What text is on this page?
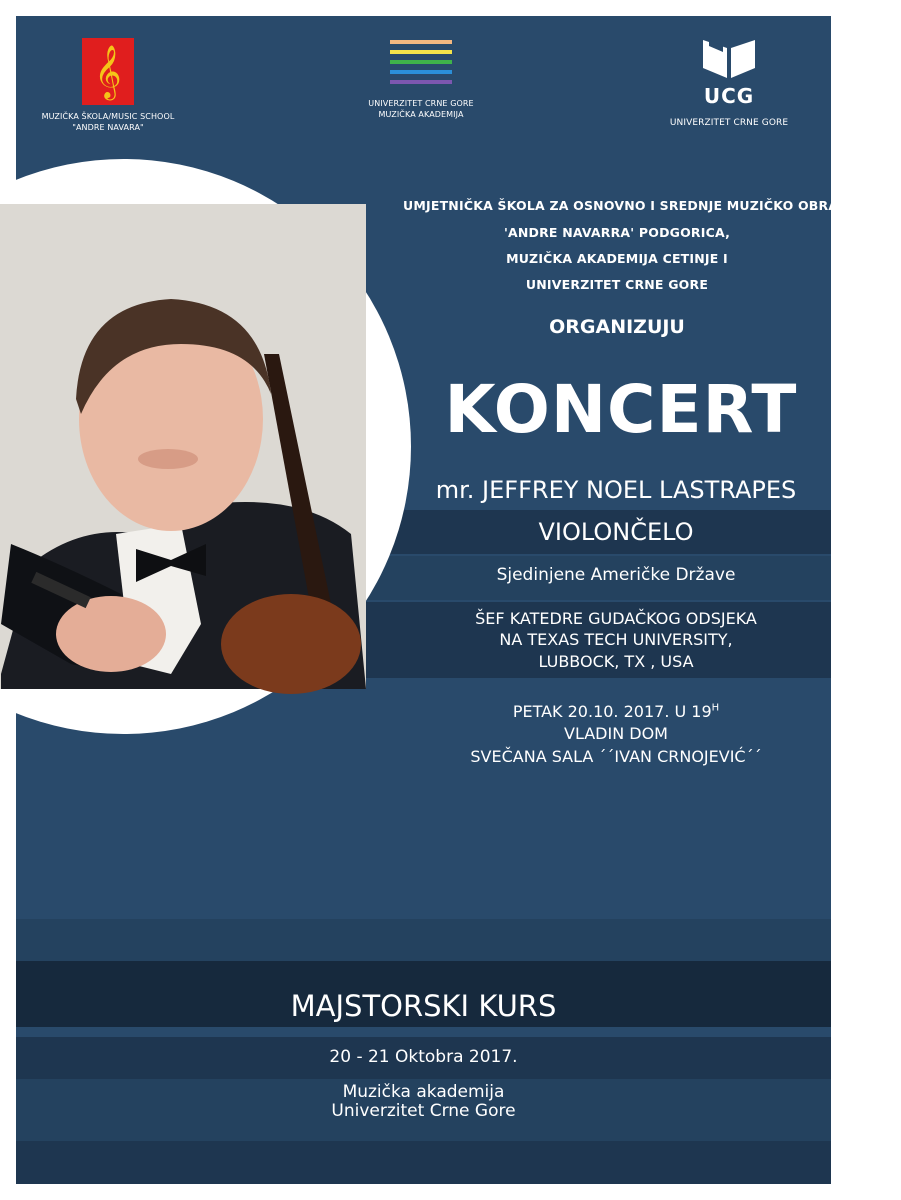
𝄞
MUZIČKA ŠKOLA/MUSIC SCHOOL
"ANDRE NAVARA"
UNIVERZITET CRNE GORE
MUZIČKA AKADEMIJA
UCG
UNIVERZITET CRNE GORE
UMJETNIČKA ŠKOLA ZA OSNOVNO I SREDNJE MUZIČKO OBRAZOVANJE
'ANDRE NAVARRA' PODGORICA,
MUZIČKA AKADEMIJA CETINJE I
UNIVERZITET CRNE GORE
ORGANIZUJU
KONCERT
mr. JEFFREY NOEL LASTRAPES
VIOLONČELO
Sjedinjene Američke Države
ŠEF KATEDRE GUDAČKOG ODSJEKA
NA TEXAS TECH UNIVERSITY,
LUBBOCK, TX , USA
PETAK 20.10. 2017. U $19^H$
VLADIN DOM
SVEČANA SALA ´´IVAN CRNOJEVIĆ´´
MAJSTORSKI KURS
20 - 21 Oktobra 2017.
Muzička akademija
Univerzitet Crne Gore
